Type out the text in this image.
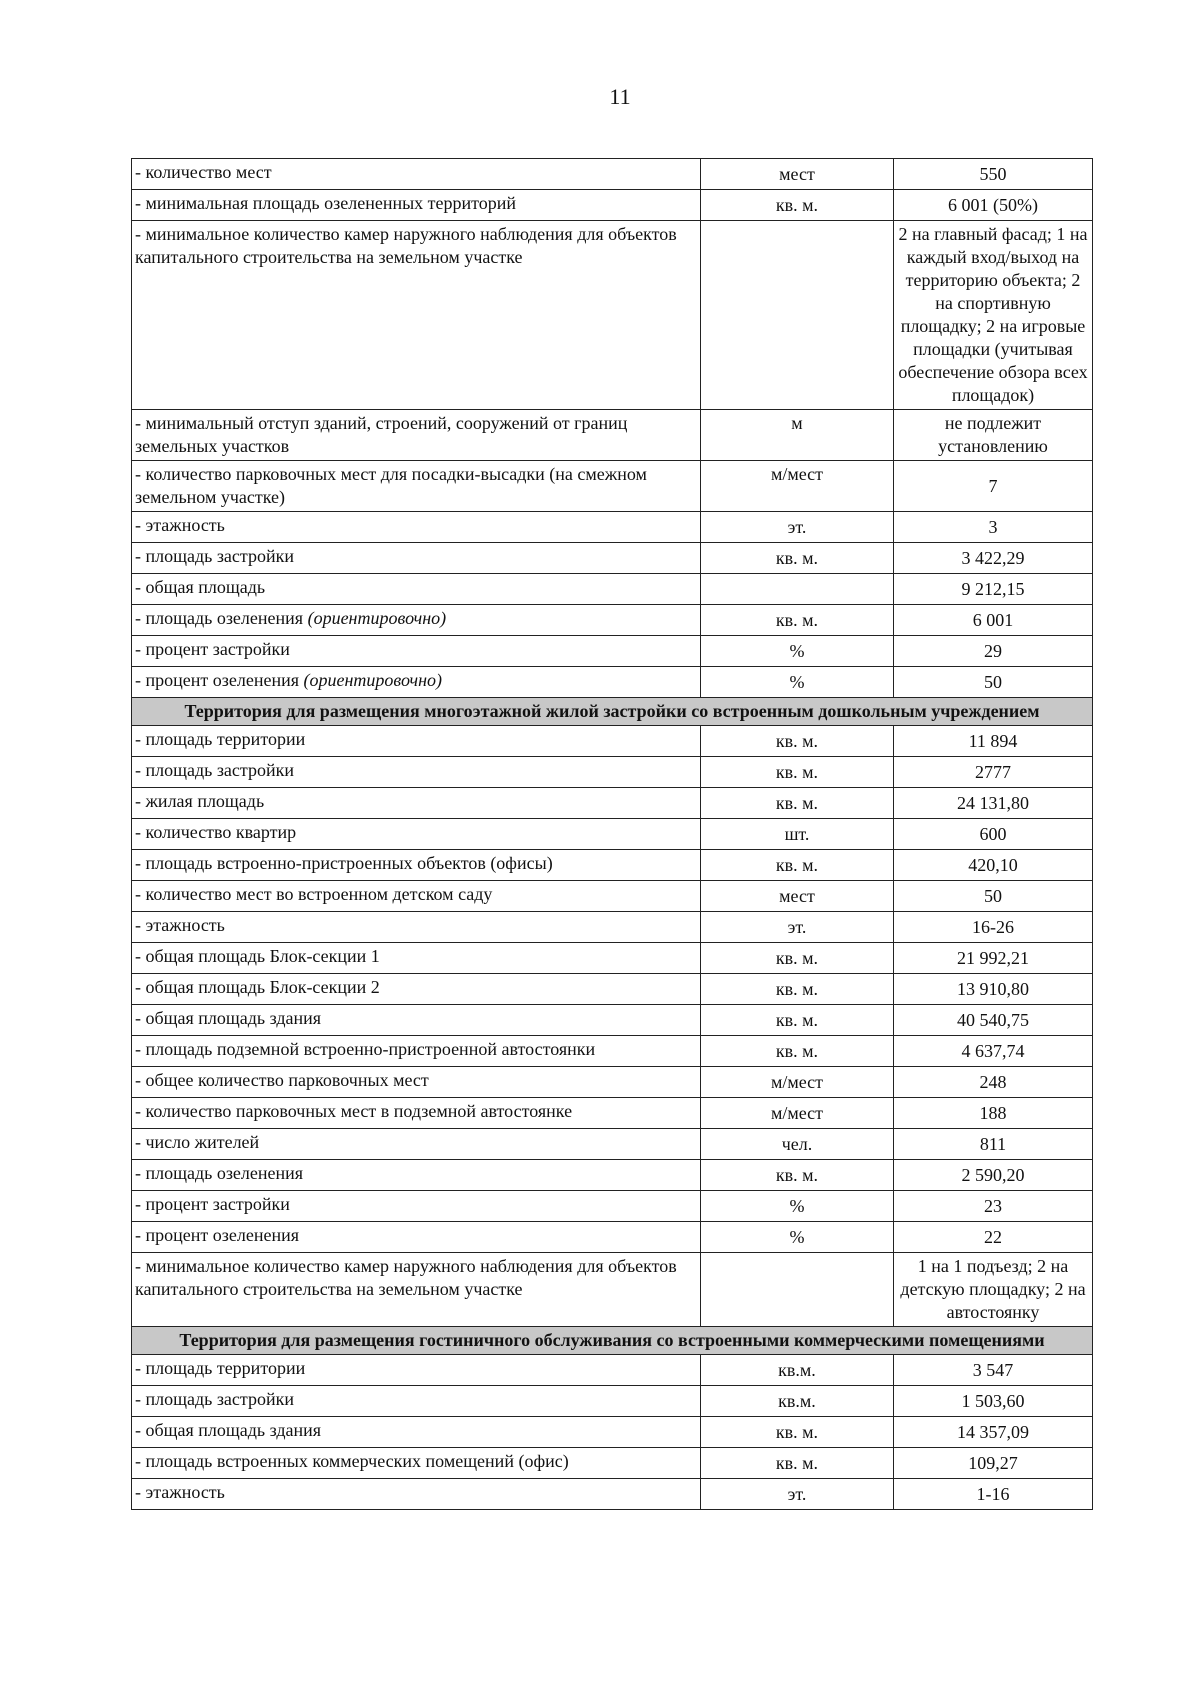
11
- количество мест	мест	550
- минимальная площадь озелененных территорий	кв. м.	6 001 (50%)
- минимальное количество камер наружного наблюдения для объектов капитального строительства на земельном участке		2 на главный фасад; 1 на каждый вход/выход на территорию объекта; 2 на спортивную площадку; 2 на игровые площадки (учитывая обеспечение обзора всех площадок)
- минимальный отступ зданий, строений, сооружений от границ земельных участков	м	не подлежит установлению
- количество парковочных мест для посадки-высадки (на смежном земельном участке)	м/мест	7
- этажность	эт.	3
- площадь застройки	кв. м.	3 422,29
- общая площадь		9 212,15
- площадь озеленения (ориентировочно)	кв. м.	6 001
- процент застройки	%	29
- процент озеленения (ориентировочно)	%	50
Территория для размещения многоэтажной жилой застройки со встроенным дошкольным учреждением		
- площадь территории	кв. м.	11 894
- площадь застройки	кв. м.	2777
- жилая площадь	кв. м.	24 131,80
- количество квартир	шт.	600
- площадь встроенно-пристроенных объектов (офисы)	кв. м.	420,10
- количество мест во встроенном детском саду	мест	50
- этажность	эт.	16-26
- общая площадь Блок-секции 1	кв. м.	21 992,21
- общая площадь Блок-секции 2	кв. м.	13 910,80
- общая площадь здания	кв. м.	40 540,75
- площадь подземной встроенно-пристроенной автостоянки	кв. м.	4 637,74
- общее количество парковочных мест	м/мест	248
- количество парковочных мест в подземной автостоянке	м/мест	188
- число жителей	чел.	811
- площадь озеленения	кв. м.	2 590,20
- процент застройки	%	23
- процент озеленения	%	22
- минимальное количество камер наружного наблюдения для объектов капитального строительства на земельном участке		1 на 1 подъезд; 2 на детскую площадку; 2 на автостоянку
Территория для размещения гостиничного обслуживания со встроенными коммерческими помещениями		
- площадь территории	кв.м.	3 547
- площадь застройки	кв.м.	1 503,60
- общая площадь здания	кв. м.	14 357,09
- площадь встроенных коммерческих помещений (офис)	кв. м.	109,27
- этажность	эт.	1-16
